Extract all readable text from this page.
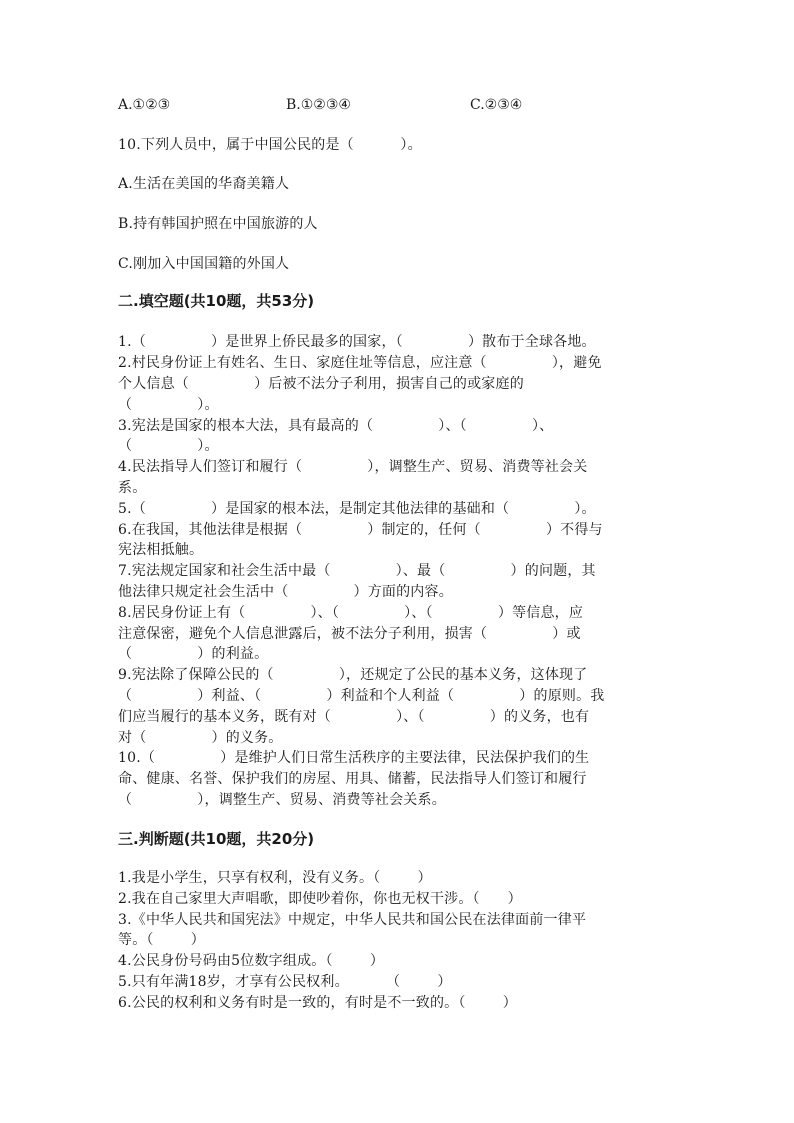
A.①②③	B.①②③④	C.②③④
10.下列人员中，属于中国公民的是（          ）。
A.生活在美国的华裔美籍人
B.持有韩国护照在中国旅游的人
C.刚加入中国国籍的外国人
二.填空题(共10题，共53分)
1.（              ）是世界上侨民最多的国家，（              ）散布于全球各地。
2.村民身份证上有姓名、生日、家庭住址等信息，应注意（              ），避免
个人信息（              ）后被不法分子利用，损害自己的或家庭的
（              ）。
3.宪法是国家的根本大法，具有最高的（              ）、（              ）、
（              ）。
4.民法指导人们签订和履行（              ），调整生产、贸易、消费等社会关
系。
5.（              ）是国家的根本法，是制定其他法律的基础和（              ）。
6.在我国，其他法律是根据（              ）制定的，任何（              ）不得与
宪法相抵触。
7.宪法规定国家和社会生活中最（              ）、最（              ）的问题，其
他法律只规定社会生活中（              ）方面的内容。
8.居民身份证上有（              ）、（              ）、（              ）等信息，应
注意保密，避免个人信息泄露后，被不法分子利用，损害（              ）或
（              ）的利益。
9.宪法除了保障公民的（              ），还规定了公民的基本义务，这体现了
（              ）利益、（              ）利益和个人利益（              ）的原则。我
们应当履行的基本义务，既有对（              ）、（              ）的义务，也有
对（              ）的义务。
10.（              ）是维护人们日常生活秩序的主要法律，民法保护我们的生
命、健康、名誉、保护我们的房屋、用具、储蓄，民法指导人们签订和履行
（              ），调整生产、贸易、消费等社会关系。
三.判断题(共10题，共20分)
1.我是小学生，只享有权利，没有义务。（        ）
2.我在自己家里大声唱歌，即使吵着你，你也无权干涉。（      ）
3.《中华人民共和国宪法》中规定，中华人民共和国公民在法律面前一律平
等。（        ）
4.公民身份号码由5位数字组成。（        ）
5.只有年满18岁，才享有公民权利。        （        ）
6.公民的权利和义务有时是一致的，有时是不一致的。（        ）
